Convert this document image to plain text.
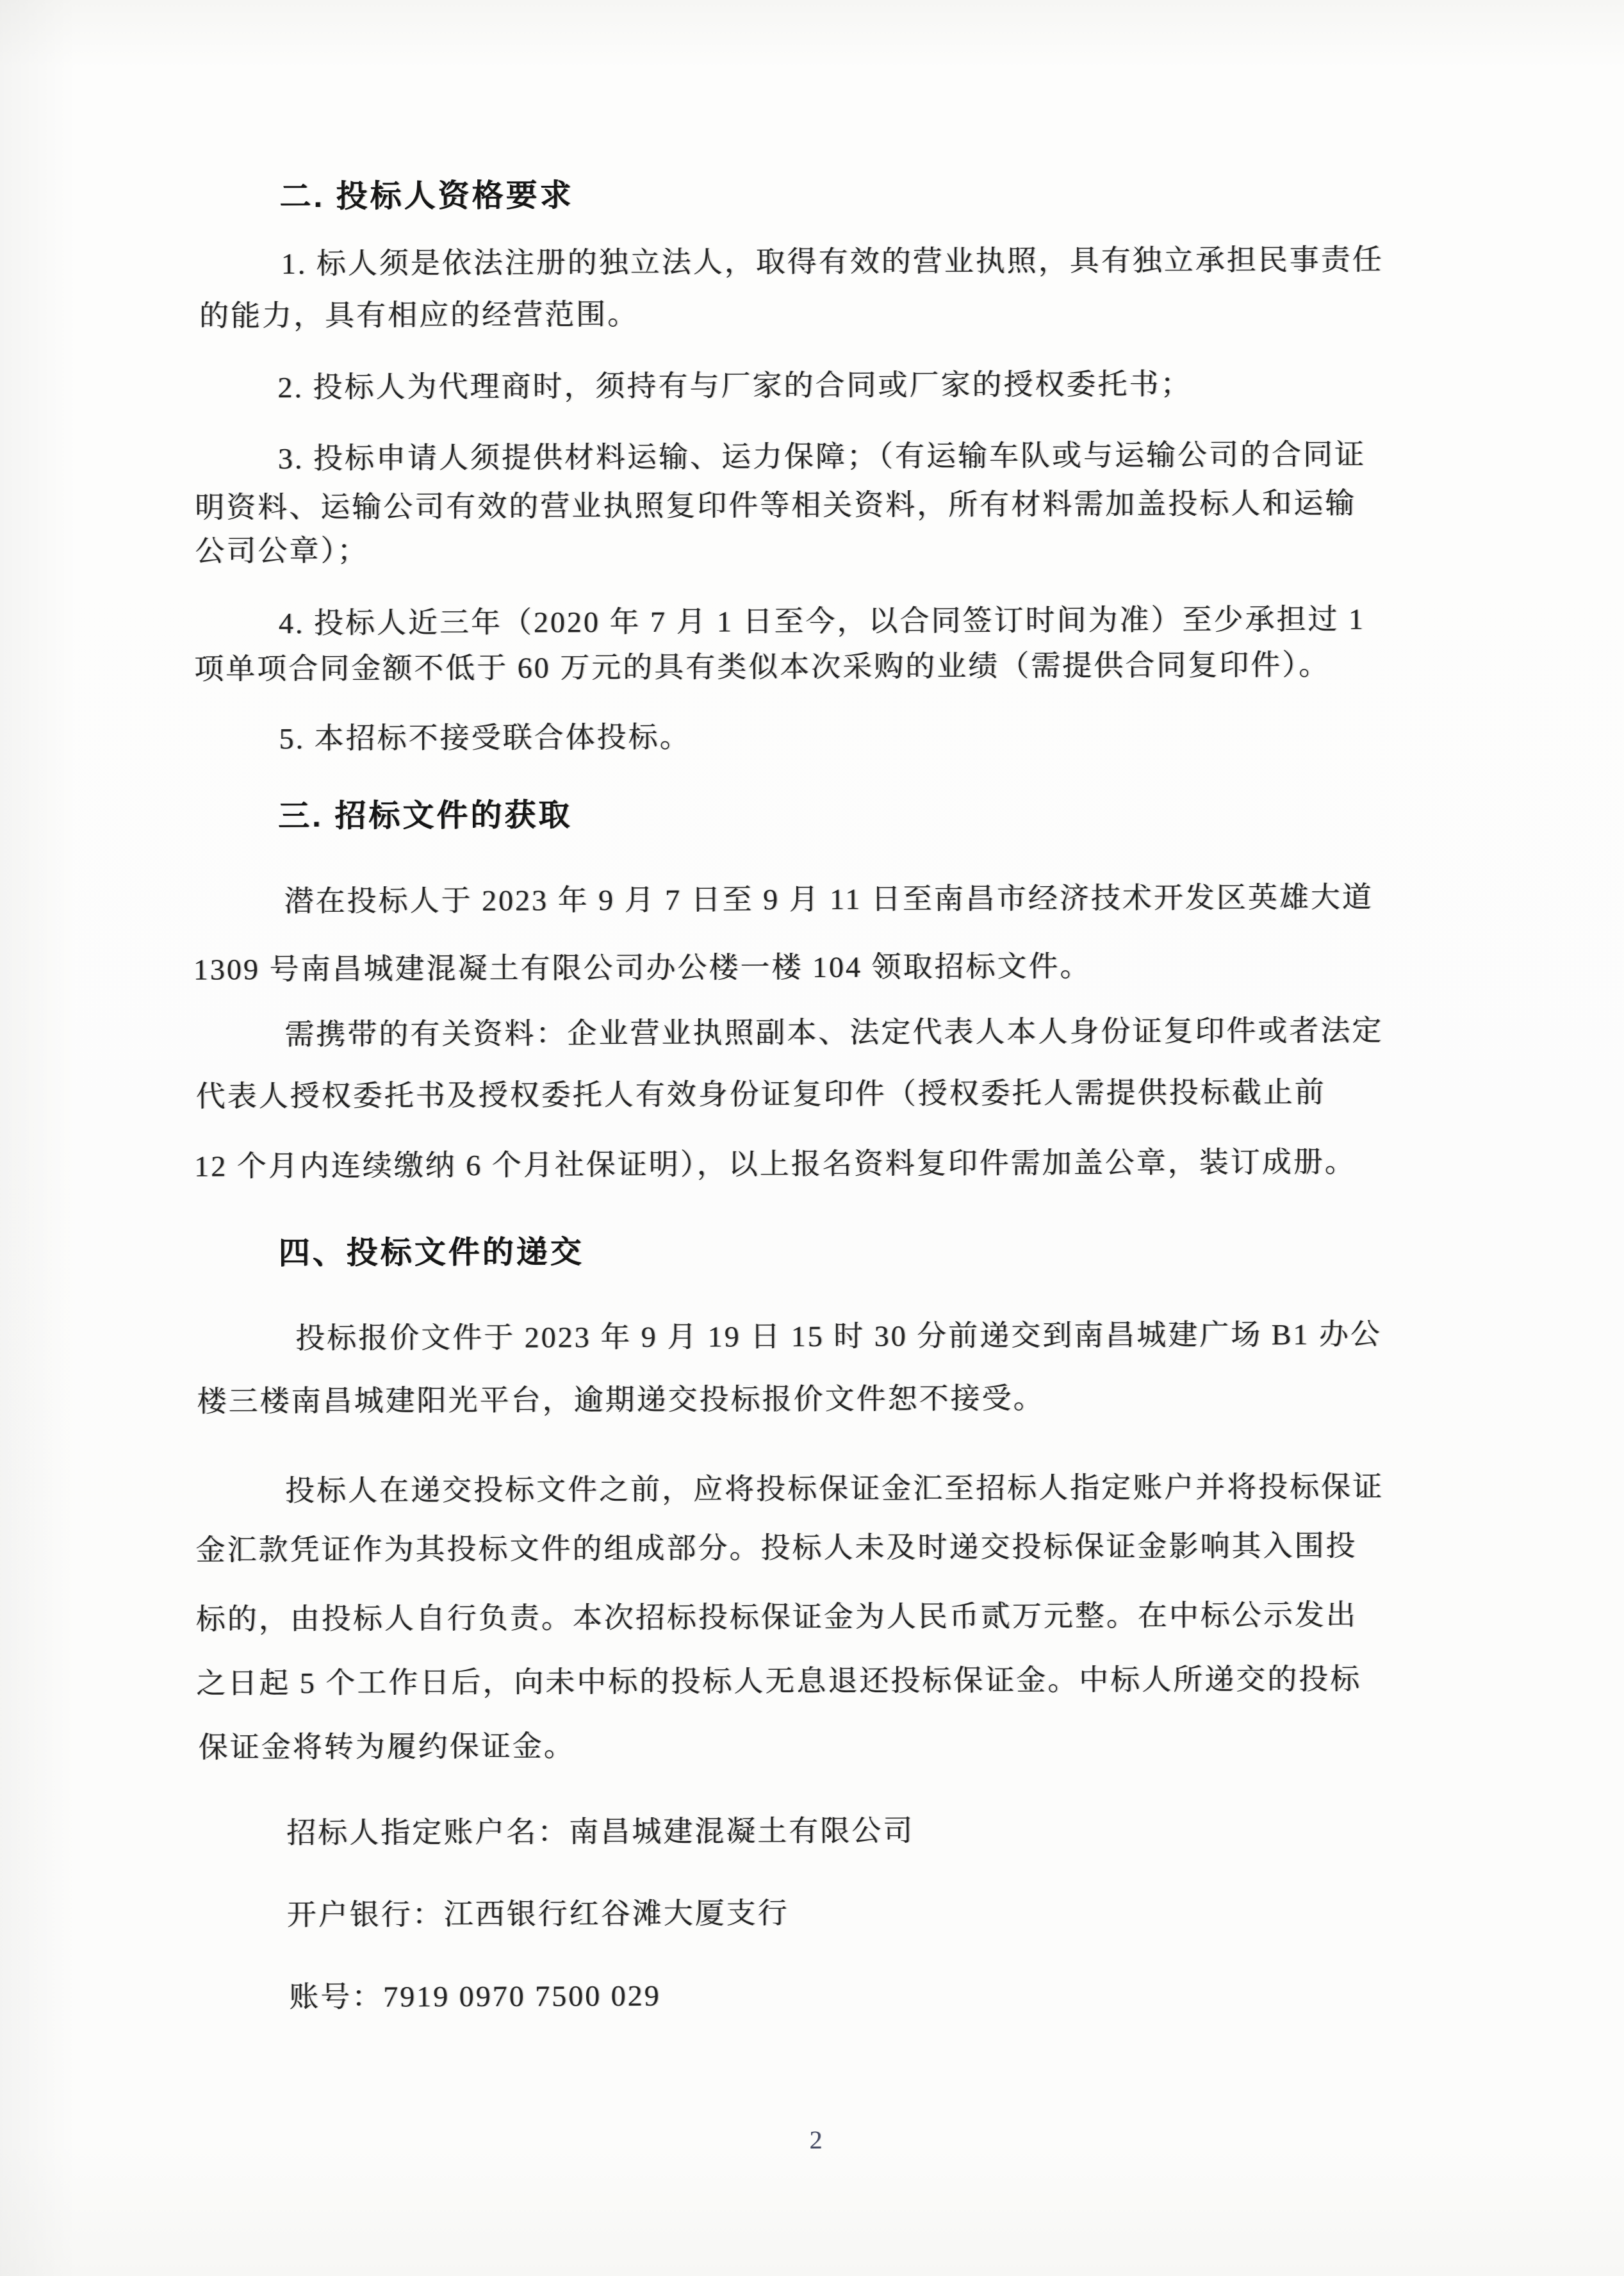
二. 投标人资格要求
1. 标人须是依法注册的独立法人，取得有效的营业执照，具有独立承担民事责任
的能力，具有相应的经营范围。
2. 投标人为代理商时，须持有与厂家的合同或厂家的授权委托书；
3. 投标申请人须提供材料运输、运力保障；（有运输车队或与运输公司的合同证
明资料、运输公司有效的营业执照复印件等相关资料，所有材料需加盖投标人和运输
公司公章）；
4. 投标人近三年（2020 年 7 月 1 日至今，以合同签订时间为准）至少承担过 1
项单项合同金额不低于 60 万元的具有类似本次采购的业绩（需提供合同复印件）。
5. 本招标不接受联合体投标。
三. 招标文件的获取
潜在投标人于 2023 年 9 月 7 日至 9 月 11 日至南昌市经济技术开发区英雄大道
1309 号南昌城建混凝土有限公司办公楼一楼 104 领取招标文件。
需携带的有关资料：企业营业执照副本、法定代表人本人身份证复印件或者法定
代表人授权委托书及授权委托人有效身份证复印件（授权委托人需提供投标截止前
12 个月内连续缴纳 6 个月社保证明），以上报名资料复印件需加盖公章，装订成册。
四、投标文件的递交
投标报价文件于 2023 年 9 月 19 日 15 时 30 分前递交到南昌城建广场 B1 办公
楼三楼南昌城建阳光平台，逾期递交投标报价文件恕不接受。
投标人在递交投标文件之前，应将投标保证金汇至招标人指定账户并将投标保证
金汇款凭证作为其投标文件的组成部分。投标人未及时递交投标保证金影响其入围投
标的，由投标人自行负责。本次招标投标保证金为人民币贰万元整。在中标公示发出
之日起 5 个工作日后，向未中标的投标人无息退还投标保证金。中标人所递交的投标
保证金将转为履约保证金。
招标人指定账户名：南昌城建混凝土有限公司
开户银行：江西银行红谷滩大厦支行
账号：7919 0970 7500 029
2
